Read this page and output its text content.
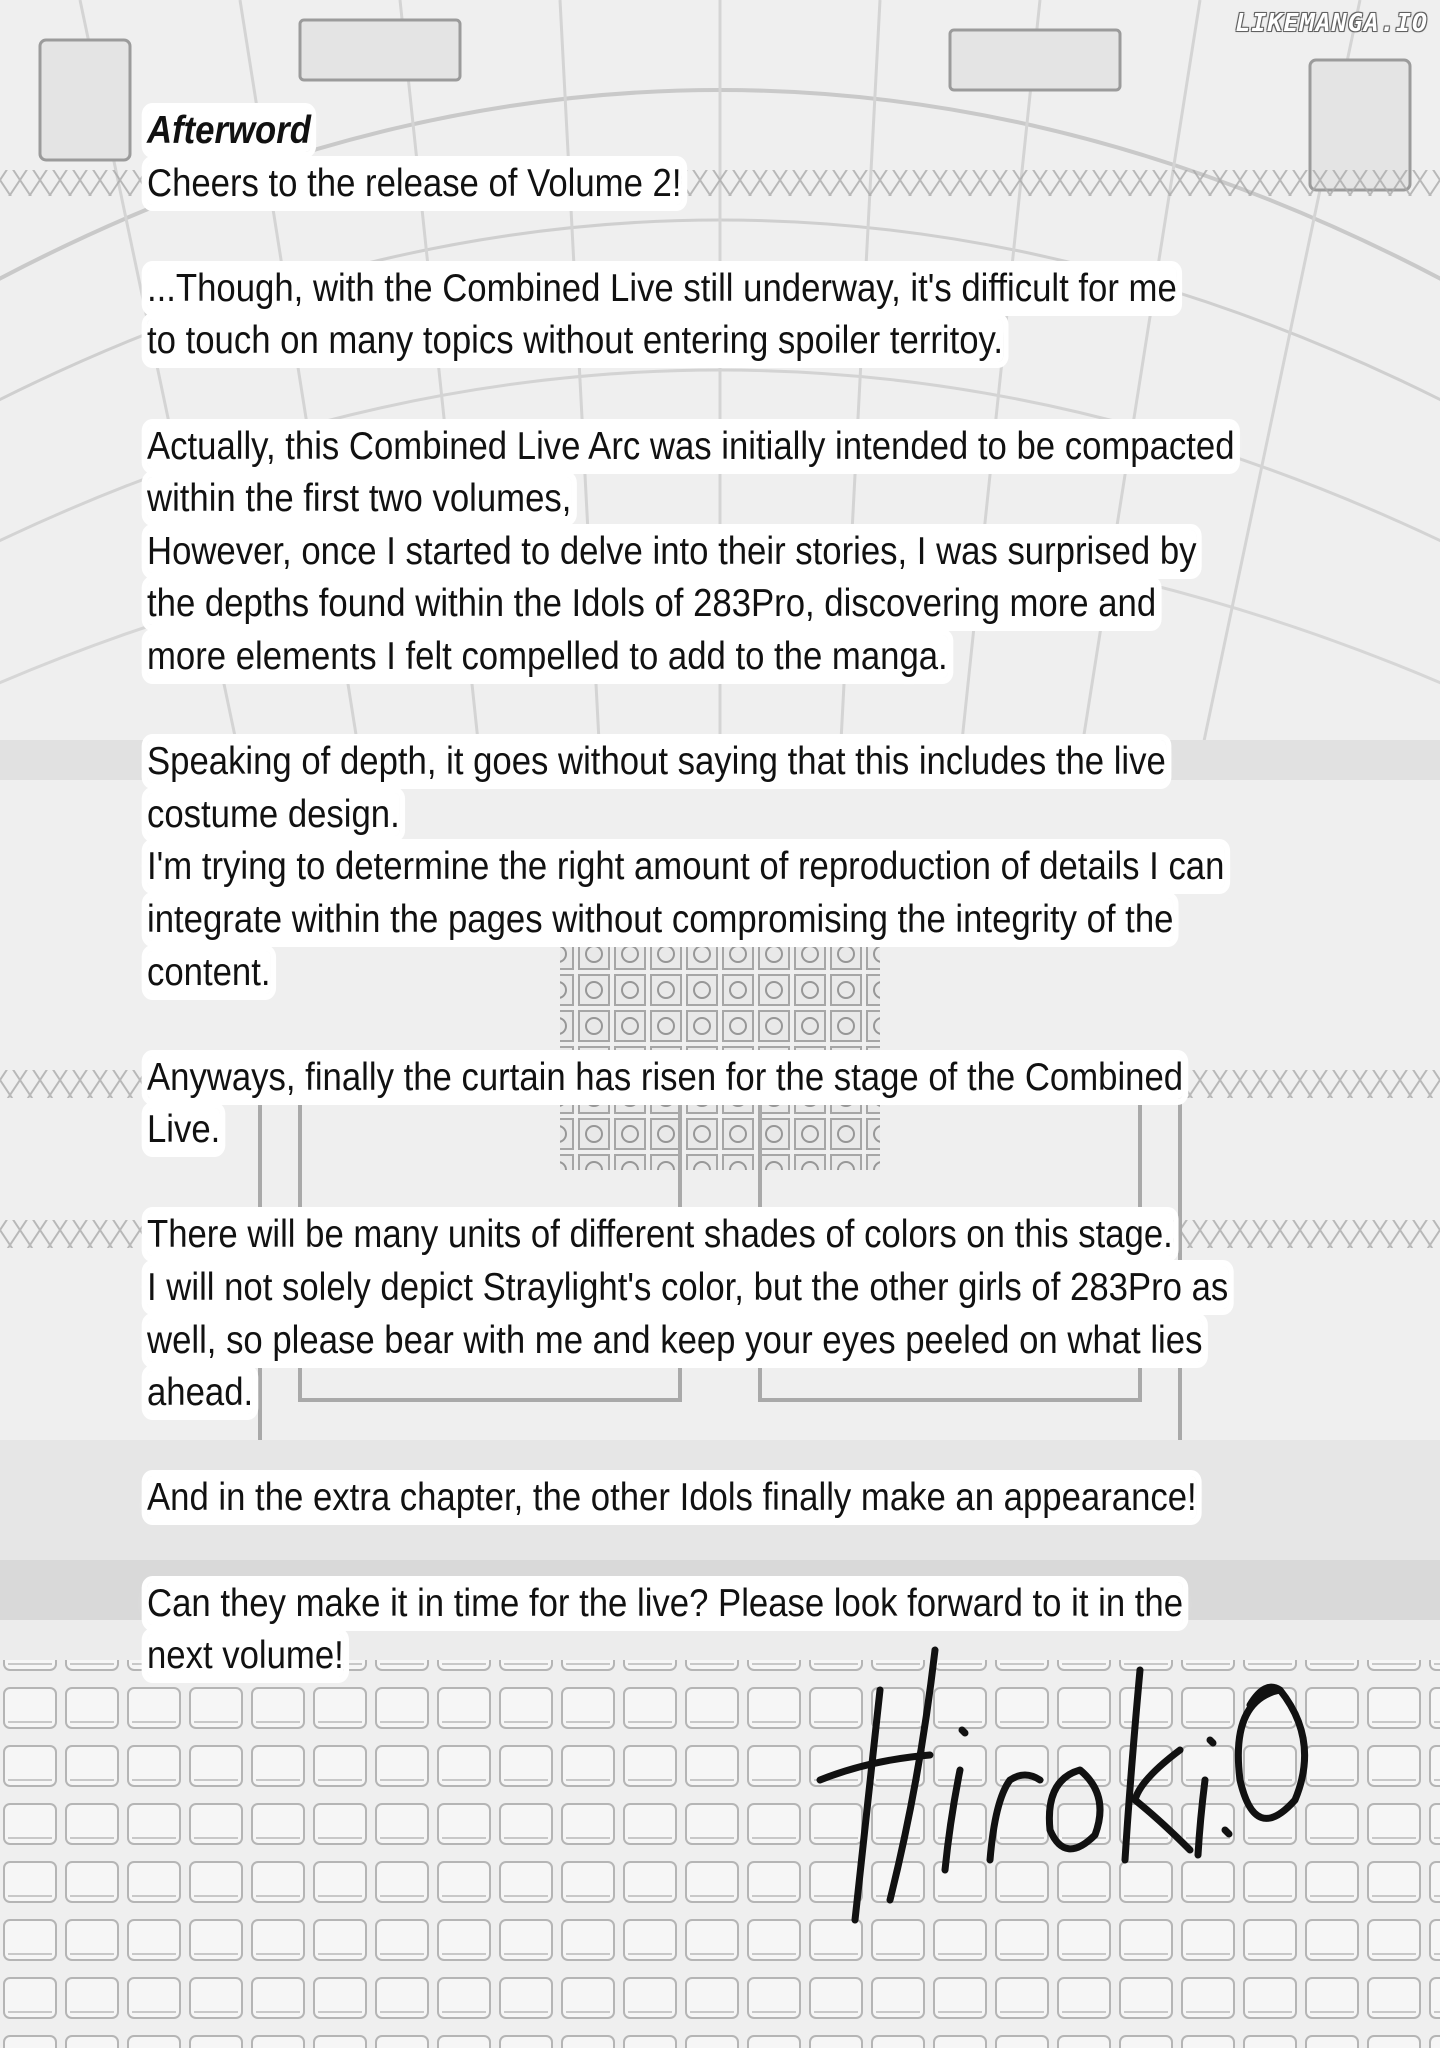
LIKEMANGA.IO
Afterword
Cheers to the release of Volume 2!
...Though, with the Combined Live still underway, it's difficult for me
to touch on many topics without entering spoiler territoy.
Actually, this Combined Live Arc was initially intended to be compacted
within the first two volumes,
However, once I started to delve into their stories, I was surprised by
the depths found within the Idols of 283Pro, discovering more and
more elements I felt compelled to add to the manga.
Speaking of depth, it goes without saying that this includes the live
costume design.
I'm trying to determine the right amount of reproduction of details I can
integrate within the pages without compromising the integrity of the
content.
Anyways, finally the curtain has risen for the stage of the Combined
Live.
There will be many units of different shades of colors on this stage.
I will not solely depict Straylight's color, but the other girls of 283Pro as
well, so please bear with me and keep your eyes peeled on what lies
ahead.
And in the extra chapter, the other Idols finally make an appearance!
Can they make it in time for the live? Please look forward to it in the
next volume!
